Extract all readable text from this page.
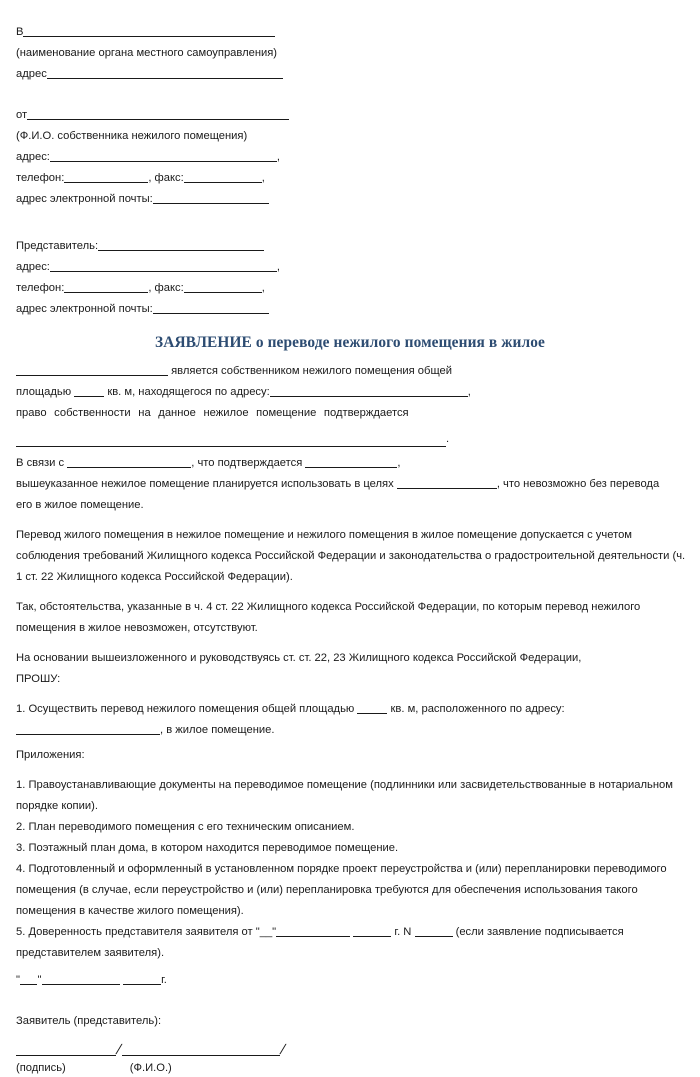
В
(наименование органа местного самоуправления)
адрес
от
(Ф.И.О. собственника нежилого помещения)
адрес:	,
телефон:	, факс:	,
адрес электронной почты:
Представитель:
адрес:	,
телефон:	, факс:	,
адрес электронной почты:
ЗАЯВЛЕНИЕ о переводе нежилого помещения в жилое
является собственником нежилого помещения общей
площадью	кв. м, находящегося по адресу:	,
право собственности на данное нежилое помещение подтверждается
.
В связи с	, что подтверждается	,
вышеуказанное нежилое помещение планируется использовать в целях	, что невозможно без перевода
его в жилое помещение.
Перевод жилого помещения в нежилое помещение и нежилого помещения в жилое помещение допускается с учетом соблюдения требований Жилищного кодекса Российской Федерации и законодательства о градостроительной деятельности (ч. 1 ст. 22 Жилищного кодекса Российской Федерации).
Так, обстоятельства, указанные в ч. 4 ст. 22 Жилищного кодекса Российской Федерации, по которым перевод нежилого помещения в жилое невозможен, отсутствуют.
На основании вышеизложенного и руководствуясь ст. ст. 22, 23 Жилищного кодекса Российской Федерации,
ПРОШУ:
1. Осуществить перевод нежилого помещения общей площадью	кв. м, расположенного по адресу:
, в жилое помещение.
Приложения:
1. Правоустанавливающие документы на переводимое помещение (подлинники или засвидетельствованные в нотариальном порядке копии).
2. План переводимого помещения с его техническим описанием.
3. Поэтажный план дома, в котором находится переводимое помещение.
4. Подготовленный и оформленный в установленном порядке проект переустройства и (или) перепланировки переводимого помещения (в случае, если переустройство и (или) перепланировка требуются для обеспечения использования такого помещения в качестве жилого помещения).
5. Доверенность представителя заявителя от "__"	г. N	(если заявление подписывается
представителем заявителя).
" "	г.
Заявитель (представитель):
/	/
(подпись)	(Ф.И.О.)
